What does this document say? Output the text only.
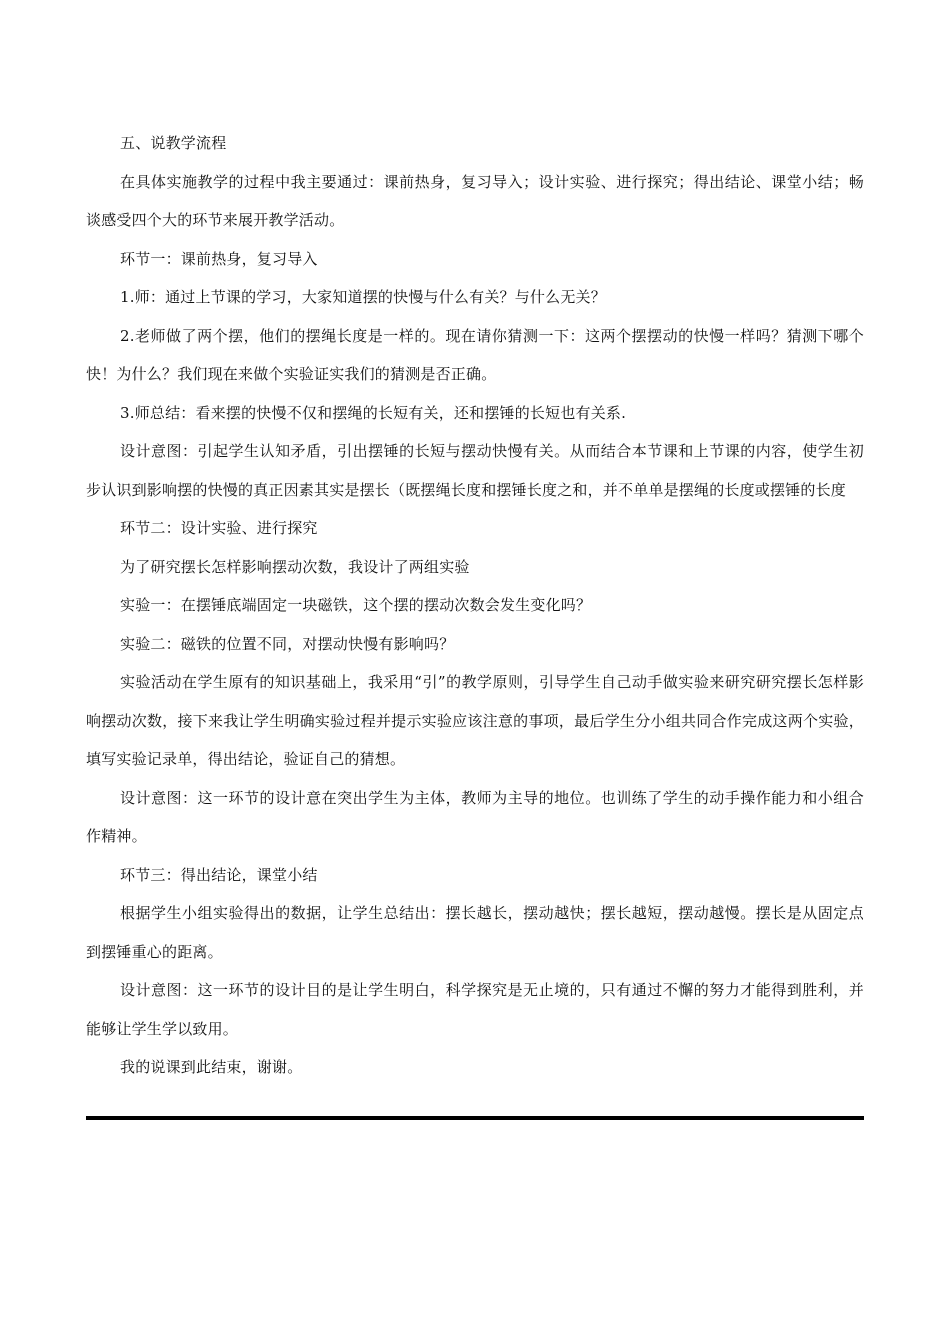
五、说教学流程

在具体实施教学的过程中我主要通过：课前热身，复习导入；设计实验、进行探究；得出结论、课堂小结；畅谈感受四个大的环节来展开教学活动。

环节一：课前热身，复习导入

1.师：通过上节课的学习，大家知道摆的快慢与什么有关？与什么无关？

2.老师做了两个摆，他们的摆绳长度是一样的。现在请你猜测一下：这两个摆摆动的快慢一样吗？猜测下哪个快！为什么？我们现在来做个实验证实我们的猜测是否正确。

3.师总结：看来摆的快慢不仅和摆绳的长短有关，还和摆锤的长短也有关系.

设计意图：引起学生认知矛盾，引出摆锤的长短与摆动快慢有关。从而结合本节课和上节课的内容，使学生初步认识到影响摆的快慢的真正因素其实是摆长（既摆绳长度和摆锤长度之和，并不单单是摆绳的长度或摆锤的长度

环节二：设计实验、进行探究

为了研究摆长怎样影响摆动次数，我设计了两组实验

实验一：在摆锤底端固定一块磁铁，这个摆的摆动次数会发生变化吗？

实验二：磁铁的位置不同，对摆动快慢有影响吗？

实验活动在学生原有的知识基础上，我采用“引”的教学原则，引导学生自己动手做实验来研究研究摆长怎样影响摆动次数，接下来我让学生明确实验过程并提示实验应该注意的事项，最后学生分小组共同合作完成这两个实验，填写实验记录单，得出结论，验证自己的猜想。

设计意图：这一环节的设计意在突出学生为主体，教师为主导的地位。也训练了学生的动手操作能力和小组合作精神。

环节三：得出结论，课堂小结

根据学生小组实验得出的数据，让学生总结出：摆长越长，摆动越快；摆长越短，摆动越慢。摆长是从固定点到摆锤重心的距离。

设计意图：这一环节的设计目的是让学生明白，科学探究是无止境的，只有通过不懈的努力才能得到胜利，并能够让学生学以致用。

我的说课到此结束，谢谢。
